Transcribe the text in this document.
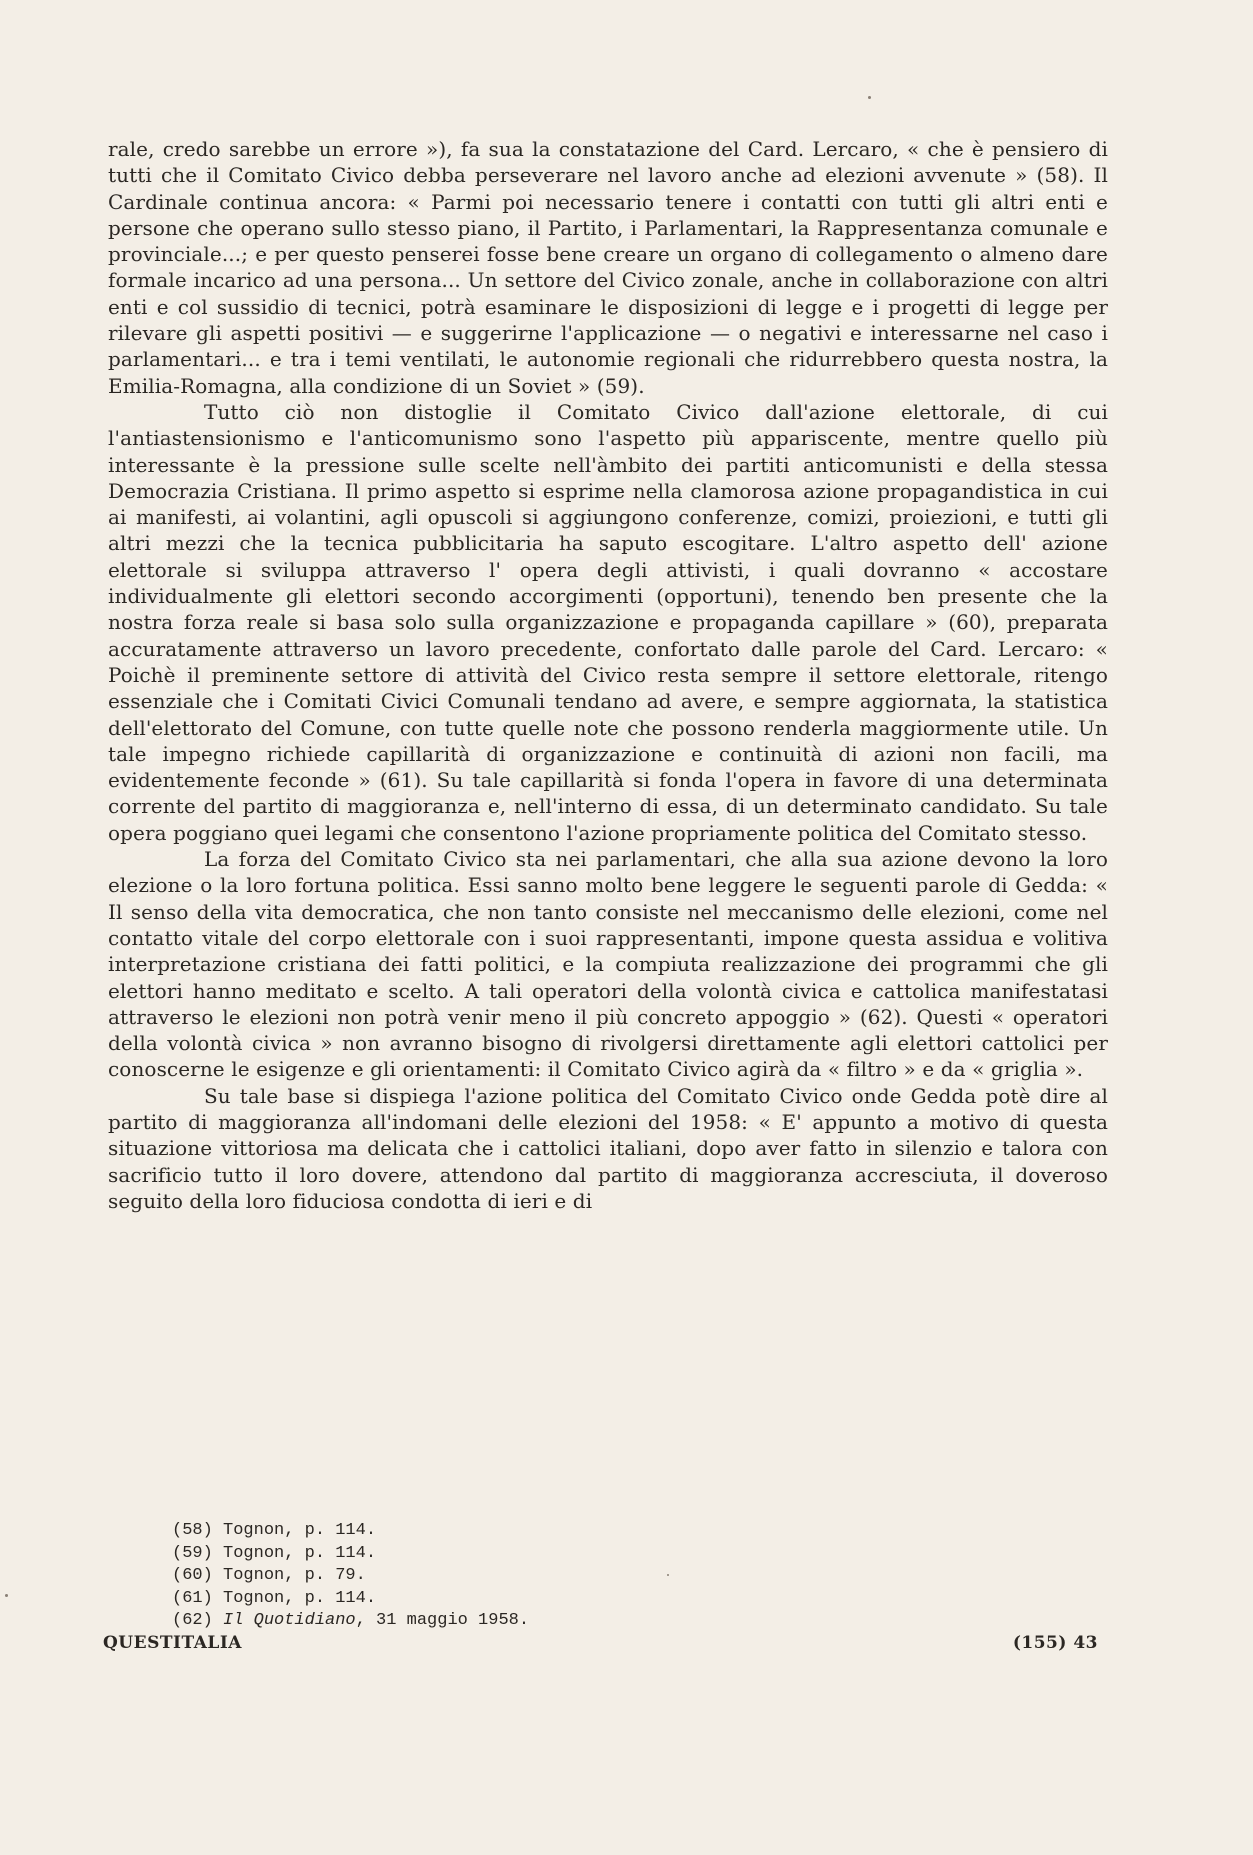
rale, credo sarebbe un errore »), fa sua la constatazione del Card. Lercaro, « che è pensiero di tutti che il Comitato Civico debba perseverare nel lavoro anche ad elezioni avvenute » (58). Il Cardinale continua ancora: « Parmi poi necessario tenere i contatti con tutti gli altri enti e persone che operano sullo stesso piano, il Partito, i Parlamentari, la Rappresentanza comunale e provinciale...; e per questo penserei fosse bene creare un organo di collegamento o almeno dare formale incarico ad una persona... Un settore del Civico zonale, anche in collaborazione con altri enti e col sussidio di tecnici, potrà esaminare le disposizioni di legge e i progetti di legge per rilevare gli aspetti positivi — e suggerirne l'applicazione — o negativi e interessarne nel caso i parlamentari... e tra i temi ventilati, le autonomie regionali che ridurrebbero questa nostra, la Emilia-Romagna, alla condizione di un Soviet » (59).

Tutto ciò non distoglie il Comitato Civico dall'azione elettorale, di cui l'antiastensionismo e l'anticomunismo sono l'aspetto più appariscente, mentre quello più interessante è la pressione sulle scelte nell'àmbito dei partiti anticomunisti e della stessa Democrazia Cristiana. Il primo aspetto si esprime nella clamorosa azione propagandistica in cui ai manifesti, ai volantini, agli opuscoli si aggiungono conferenze, comizi, proiezioni, e tutti gli altri mezzi che la tecnica pubblicitaria ha saputo escogitare. L'altro aspetto dell' azione elettorale si sviluppa attraverso l' opera degli attivisti, i quali dovranno « accostare individualmente gli elettori secondo accorgimenti (opportuni), tenendo ben presente che la nostra forza reale si basa solo sulla organizzazione e propaganda capillare » (60), preparata accuratamente attraverso un lavoro precedente, confortato dalle parole del Card. Lercaro: « Poichè il preminente settore di attività del Civico resta sempre il settore elettorale, ritengo essenziale che i Comitati Civici Comunali tendano ad avere, e sempre aggiornata, la statistica dell'elettorato del Comune, con tutte quelle note che possono renderla maggiormente utile. Un tale impegno richiede capillarità di organizzazione e continuità di azioni non facili, ma evidentemente feconde » (61). Su tale capillarità si fonda l'opera in favore di una determinata corrente del partito di maggioranza e, nell'interno di essa, di un determinato candidato. Su tale opera poggiano quei legami che consentono l'azione propriamente politica del Comitato stesso.

La forza del Comitato Civico sta nei parlamentari, che alla sua azione devono la loro elezione o la loro fortuna politica. Essi sanno molto bene leggere le seguenti parole di Gedda: « Il senso della vita democratica, che non tanto consiste nel meccanismo delle elezioni, come nel contatto vitale del corpo elettorale con i suoi rappresentanti, impone questa assidua e volitiva interpretazione cristiana dei fatti politici, e la compiuta realizzazione dei programmi che gli elettori hanno meditato e scelto. A tali operatori della volontà civica e cattolica manifestatasi attraverso le elezioni non potrà venir meno il più concreto appoggio » (62). Questi « operatori della volontà civica » non avranno bisogno di rivolgersi direttamente agli elettori cattolici per conoscerne le esigenze e gli orientamenti: il Comitato Civico agirà da « filtro » e da « griglia ».

Su tale base si dispiega l'azione politica del Comitato Civico onde Gedda potè dire al partito di maggioranza all'indomani delle elezioni del 1958: « E' appunto a motivo di questa situazione vittoriosa ma delicata che i cattolici italiani, dopo aver fatto in silenzio e talora con sacrificio tutto il loro dovere, attendono dal partito di maggioranza accresciuta, il doveroso seguito della loro fiduciosa condotta di ieri e di

(58) Tognon, p. 114.
(59) Tognon, p. 114.
(60) Tognon, p. 79.
(61) Tognon, p. 114.
(62) Il Quotidiano, 31 maggio 1958.
QUESTITALIA	(155) 43
